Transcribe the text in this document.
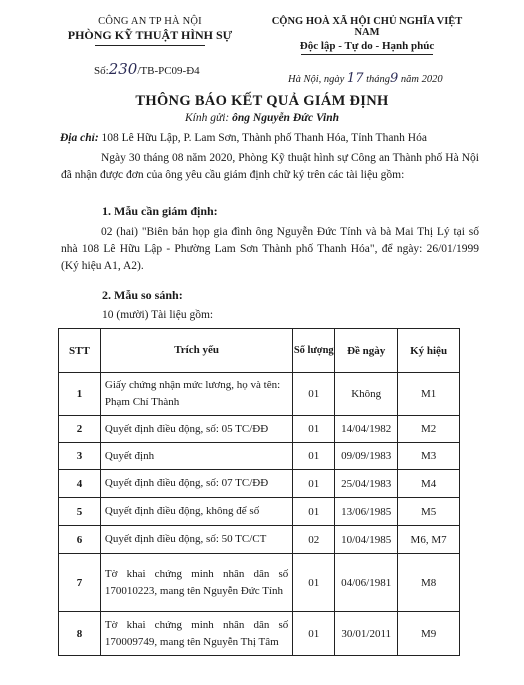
CÔNG AN TP HÀ NỘI
PHÒNG KỸ THUẬT HÌNH SỰ
CỘNG HOÀ XÃ HỘI CHỦ NGHĨA VIỆT NAM
Độc lập - Tự do - Hạnh phúc
Số:230/TB-PC09-Đ4
Hà Nội, ngày 17 tháng9 năm 2020
THÔNG BÁO KẾT QUẢ GIÁM ĐỊNH
Kính gửi: ông Nguyễn Đức Vinh
Địa chỉ: 108 Lê Hữu Lập, P. Lam Sơn, Thành phố Thanh Hóa, Tỉnh Thanh Hóa
Ngày 30 tháng 08 năm 2020, Phòng Kỹ thuật hình sự Công an Thành phố Hà Nội đã nhận được đơn của ông yêu cầu giám định chữ ký trên các tài liệu gồm:
1. Mẫu cần giám định:
02 (hai) "Biên bản họp gia đình ông Nguyễn Đức Tính và bà Mai Thị Lý tại số nhà 108 Lê Hữu Lập - Phường Lam Sơn Thành phố Thanh Hóa", để ngày: 26/01/1999 (Ký hiệu A1, A2).
2. Mẫu so sánh:
10 (mười) Tài liệu gồm:
STT	Trích yếu	Số lượng	Đề ngày	Ký hiệu
1	Giấy chứng nhận mức lương, họ và tên: Phạm Chí Thành	01	Không	M1
2	Quyết định điều động, số: 05 TC/ĐĐ	01	14/04/1982	M2
3	Quyết định	01	09/09/1983	M3
4	Quyết định điều động, số: 07 TC/ĐĐ	01	25/04/1983	M4
5	Quyết định điều động, không để số	01	13/06/1985	M5
6	Quyết định điều động, số: 50 TC/CT	02	10/04/1985	M6, M7
7	Tờ khai chứng minh nhân dân số 170010223, mang tên Nguyễn Đức Tính	01	04/06/1981	M8
8	Tờ khai chứng minh nhân dân số 170009749, mang tên Nguyễn Thị Tâm	01	30/01/2011	M9
